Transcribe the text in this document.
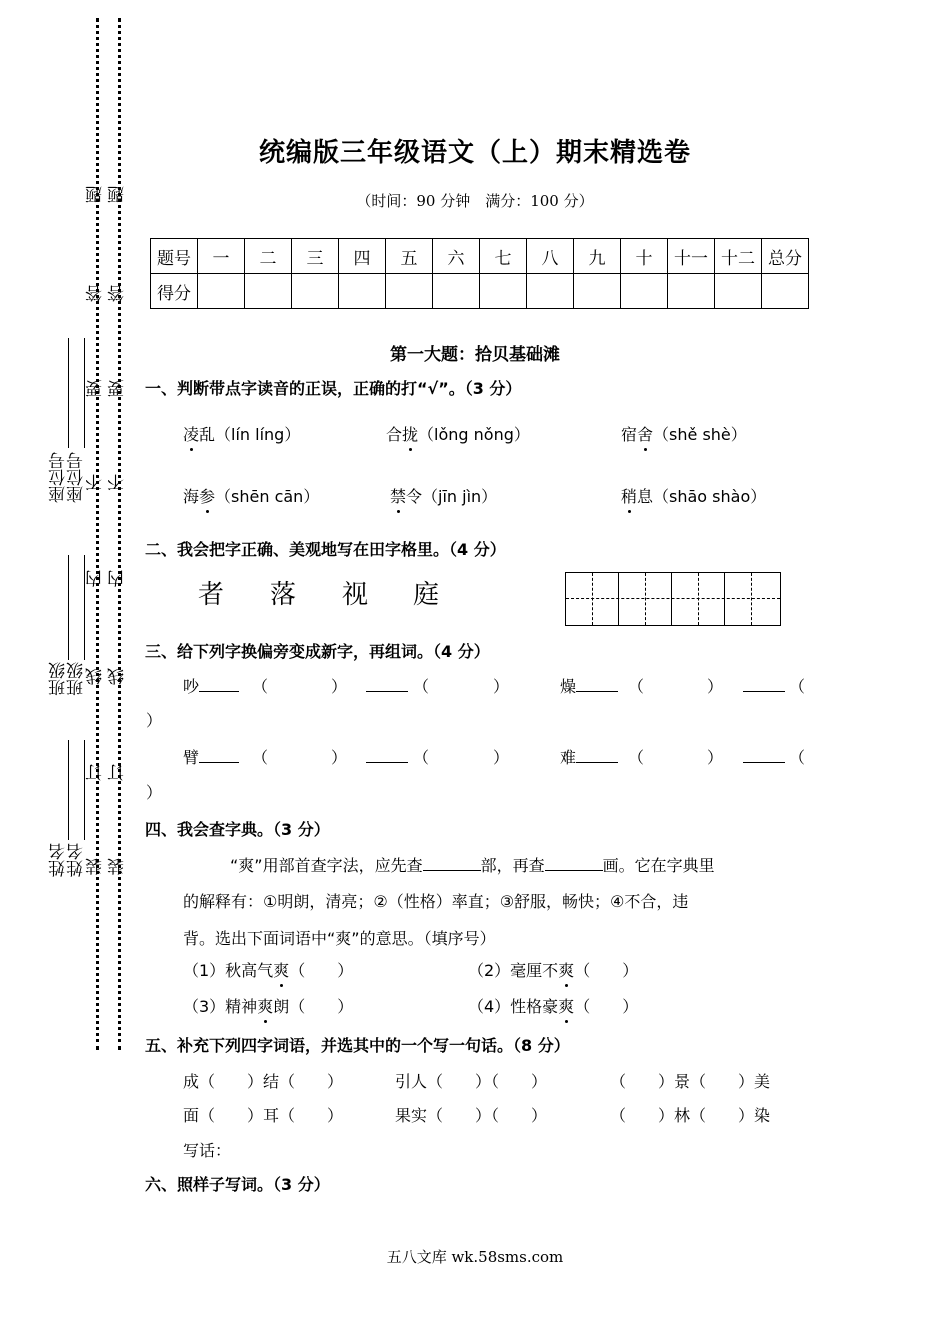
座位号
班级
姓名
座位号
班级
姓名
题
答
要
不
内
线
订
装
题
答
要
不
内
线
订
装
统编版三年级语文（上）期末精选卷
（时间：90 分钟　满分：100 分）
题号	一	二	三	四	五	六	七	八	九	十	十一	十二	总分
得分													
第一大题：拾贝基础滩
一、判断带点字读音的正误，正确的打“√”。（3 分）
凌乱（lín líng）	合拢（lǒng nǒng）	宿舍（shě shè）
海参（shēn cān）	禁令（jīn jìn）	稍息（shāo shào）
二、我会把字正确、美观地写在田字格里。（4 分）
者 落 视 庭
三、给下列字换偏旁变成新字，再组词。（4 分）
吵	（	）	（	）	燥	（	）	（
）
臂	（	）	（	）	难	（	）	（
）
四、我会查字典。（3 分）
“爽”用部首查字法，应先查	部，再查	画。它在字典里
的解释有：①明朗，清亮；②（性格）率直；③舒服，畅快；④不合，违
背。选出下面词语中“爽”的意思。（填序号）
（1）秋高气爽（　　）	（2）毫厘不爽（　　）
（3）精神爽朗（　　）	（4）性格豪爽（　　）
五、补充下列四字词语，并选其中的一个写一句话。（8 分）
成（　　）结（　　）	引人（　　）（　　）	（　　）景（　　）美
面（　　）耳（　　）	果实（　　）（　　）	（　　）林（　　）染
写话：
六、照样子写词。（3 分）
五八文库 wk.58sms.com
